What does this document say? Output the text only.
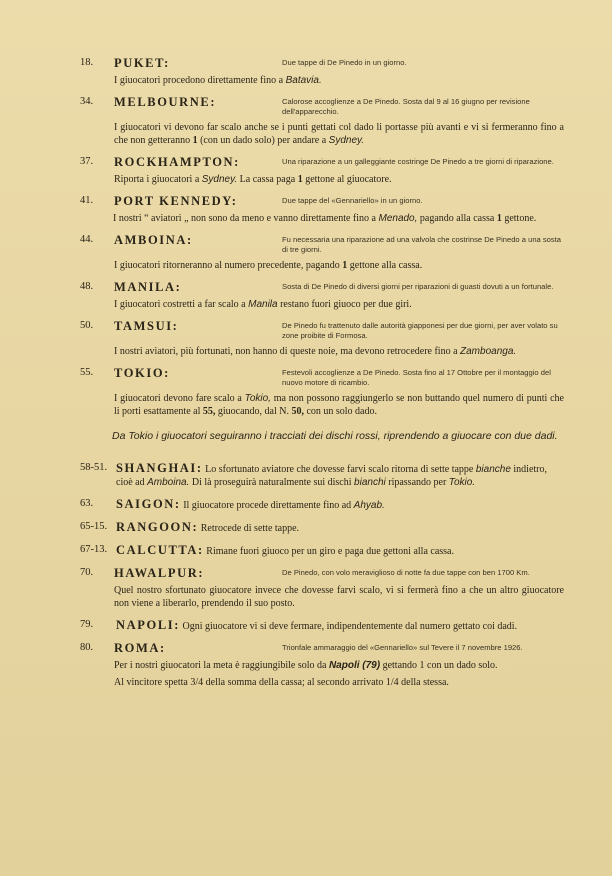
18.	PUKET:	Due tappe di De Pinedo in un giorno.
I giuocatori procedono direttamente fino a Batavia.
34.	MELBOURNE:	Calorose accoglienze a De Pinedo. Sosta dal 9 al 16 giugno per revisione dell'apparecchio.
I giuocatori vi devono far scalo anche se i punti gettati col dado li portasse più avanti e vi si fermeranno fino a che non getteranno 1 (con un dado solo) per andare a Sydney.
37.	ROCKHAMPTON:	Una riparazione a un galleggiante costringe De Pinedo a tre giorni di riparazione.
Riporta i giuocatori a Sydney. La cassa paga 1 gettone al giuocatore.
41.	PORT KENNEDY:	Due tappe del «Gennariello» in un giorno.
I nostri “ aviatori „ non sono da meno e vanno direttamente fino a Menado, pagando alla cassa 1 gettone.
44.	AMBOINA:	Fu necessaria una riparazione ad una valvola che costrinse De Pinedo a una sosta di tre giorni.
I giuocatori ritorneranno al numero precedente, pagando 1 gettone alla cassa.
48.	MANILA:	Sosta di De Pinedo di diversi giorni per riparazioni di guasti dovuti a un fortunale.
I giuocatori costretti a far scalo a Manila restano fuori giuoco per due giri.
50.	TAMSUI:	De Pinedo fu trattenuto dalle autorità giapponesi per due giorni, per aver volato su zone proibite di Formosa.
I nostri aviatori, più fortunati, non hanno di queste noie, ma devono retrocedere fino a Zamboanga.
55.	TOKIO:	Festevoli accoglienze a De Pinedo. Sosta fino al 17 Ottobre per il montaggio del nuovo motore di ricambio.
I giuocatori devono fare scalo a Tokio, ma non possono raggiungerlo se non buttando quel numero di punti che li porti esattamente al 55, giuocando, dal N. 50, con un solo dado.
Da Tokio i giuocatori seguiranno i tracciati dei dischi rossi, riprendendo a giuocare con due dadi.
58-51. SHANGHAI: Lo sfortunato aviatore che dovesse farvi scalo ritorna di sette tappe bianche indietro, cioè ad Amboina. Di là proseguirà naturalmente sui dischi bianchi ripassando per Tokio.
63.	SAIGON: Il giuocatore procede direttamente fino ad Ahyab.
65-15. RANGOON: Retrocede di sette tappe.
67-13. CALCUTTA: Rimane fuori giuoco per un giro e paga due gettoni alla cassa.
70.	HAWALPUR:	De Pinedo, con volo meraviglioso di notte fa due tappe con ben 1700 Km.
Quel nostro sfortunato giuocatore invece che dovesse farvi scalo, vi si fermerà fino a che un altro giuocatore non viene a liberarlo, prendendo il suo posto.
79.	NAPOLI: Ogni giuocatore vi si deve fermare, indipendentemente dal numero gettato coi dadi.
80.	ROMA:	Trionfale ammaraggio del «Gennariello» sul Tevere il 7 novembre 1926.
Per i nostri giuocatori la meta è raggiungibile solo da Napoli (79) gettando 1 con un dado solo.
Al vincitore spetta 3/4 della somma della cassa; al secondo arrivato 1/4 della stessa.
